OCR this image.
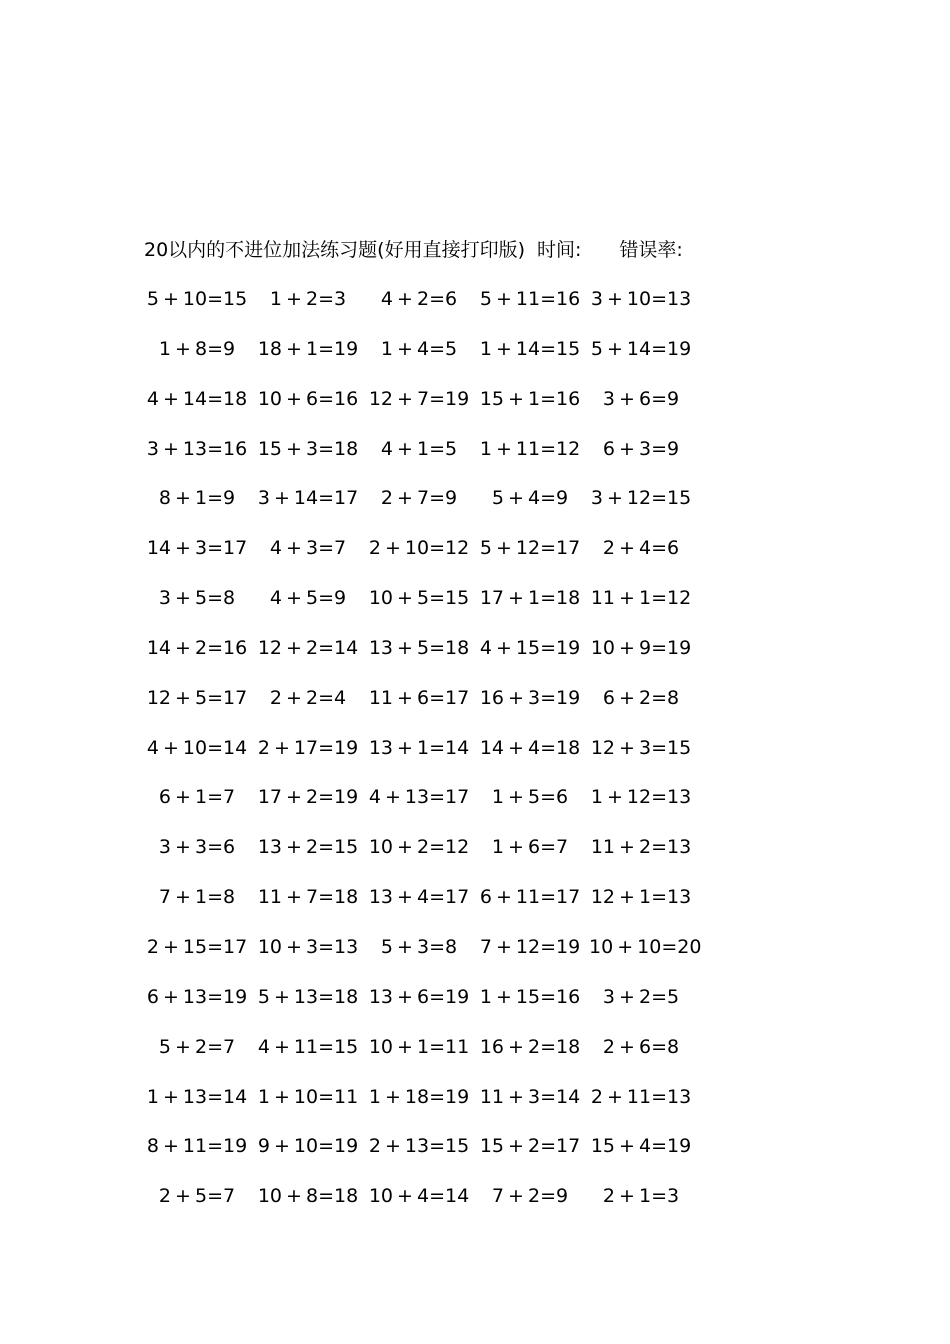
20以内的不进位加法练习题(好用直接打印版) 时间: 错误率:
5 + 10=15	1 + 2=3	4 + 2=6	5 + 11=16 3 + 10=13
1 + 8=9	18 + 1=19	1 + 4=5	1 + 14=15 5 + 14=19
4 + 14=18 10 + 6=16 12 + 7=19 15 + 1=16	3 + 6=9
3 + 13=16 15 + 3=18	4 + 1=5	1 + 11=12	6 + 3=9
8 + 1=9	3 + 14=17	2 + 7=9	5 + 4=9	3 + 12=15
14 + 3=17	4 + 3=7	2 + 10=12 5 + 12=17	2 + 4=6
3 + 5=8	4 + 5=9	10 + 5=15 17 + 1=18 11 + 1=12
14 + 2=16 12 + 2=14 13 + 5=18 4 + 15=19 10 + 9=19
12 + 5=17	2 + 2=4	11 + 6=17 16 + 3=19	6 + 2=8
4 + 10=14 2 + 17=19 13 + 1=14 14 + 4=18 12 + 3=15
6 + 1=7	17 + 2=19 4 + 13=17	1 + 5=6	1 + 12=13
3 + 3=6	13 + 2=15 10 + 2=12	1 + 6=7	11 + 2=13
7 + 1=8	11 + 7=18 13 + 4=17 6 + 11=17 12 + 1=13
2 + 15=17 10 + 3=13	5 + 3=8	7 + 12=19 10 + 10=20
6 + 13=19 5 + 13=18 13 + 6=19 1 + 15=16	3 + 2=5
5 + 2=7	4 + 11=15 10 + 1=11 16 + 2=18	2 + 6=8
1 + 13=14 1 + 10=11 1 + 18=19 11 + 3=14 2 + 11=13
8 + 11=19 9 + 10=19 2 + 13=15 15 + 2=17 15 + 4=19
2 + 5=7	10 + 8=18 10 + 4=14	7 + 2=9	2 + 1=3
